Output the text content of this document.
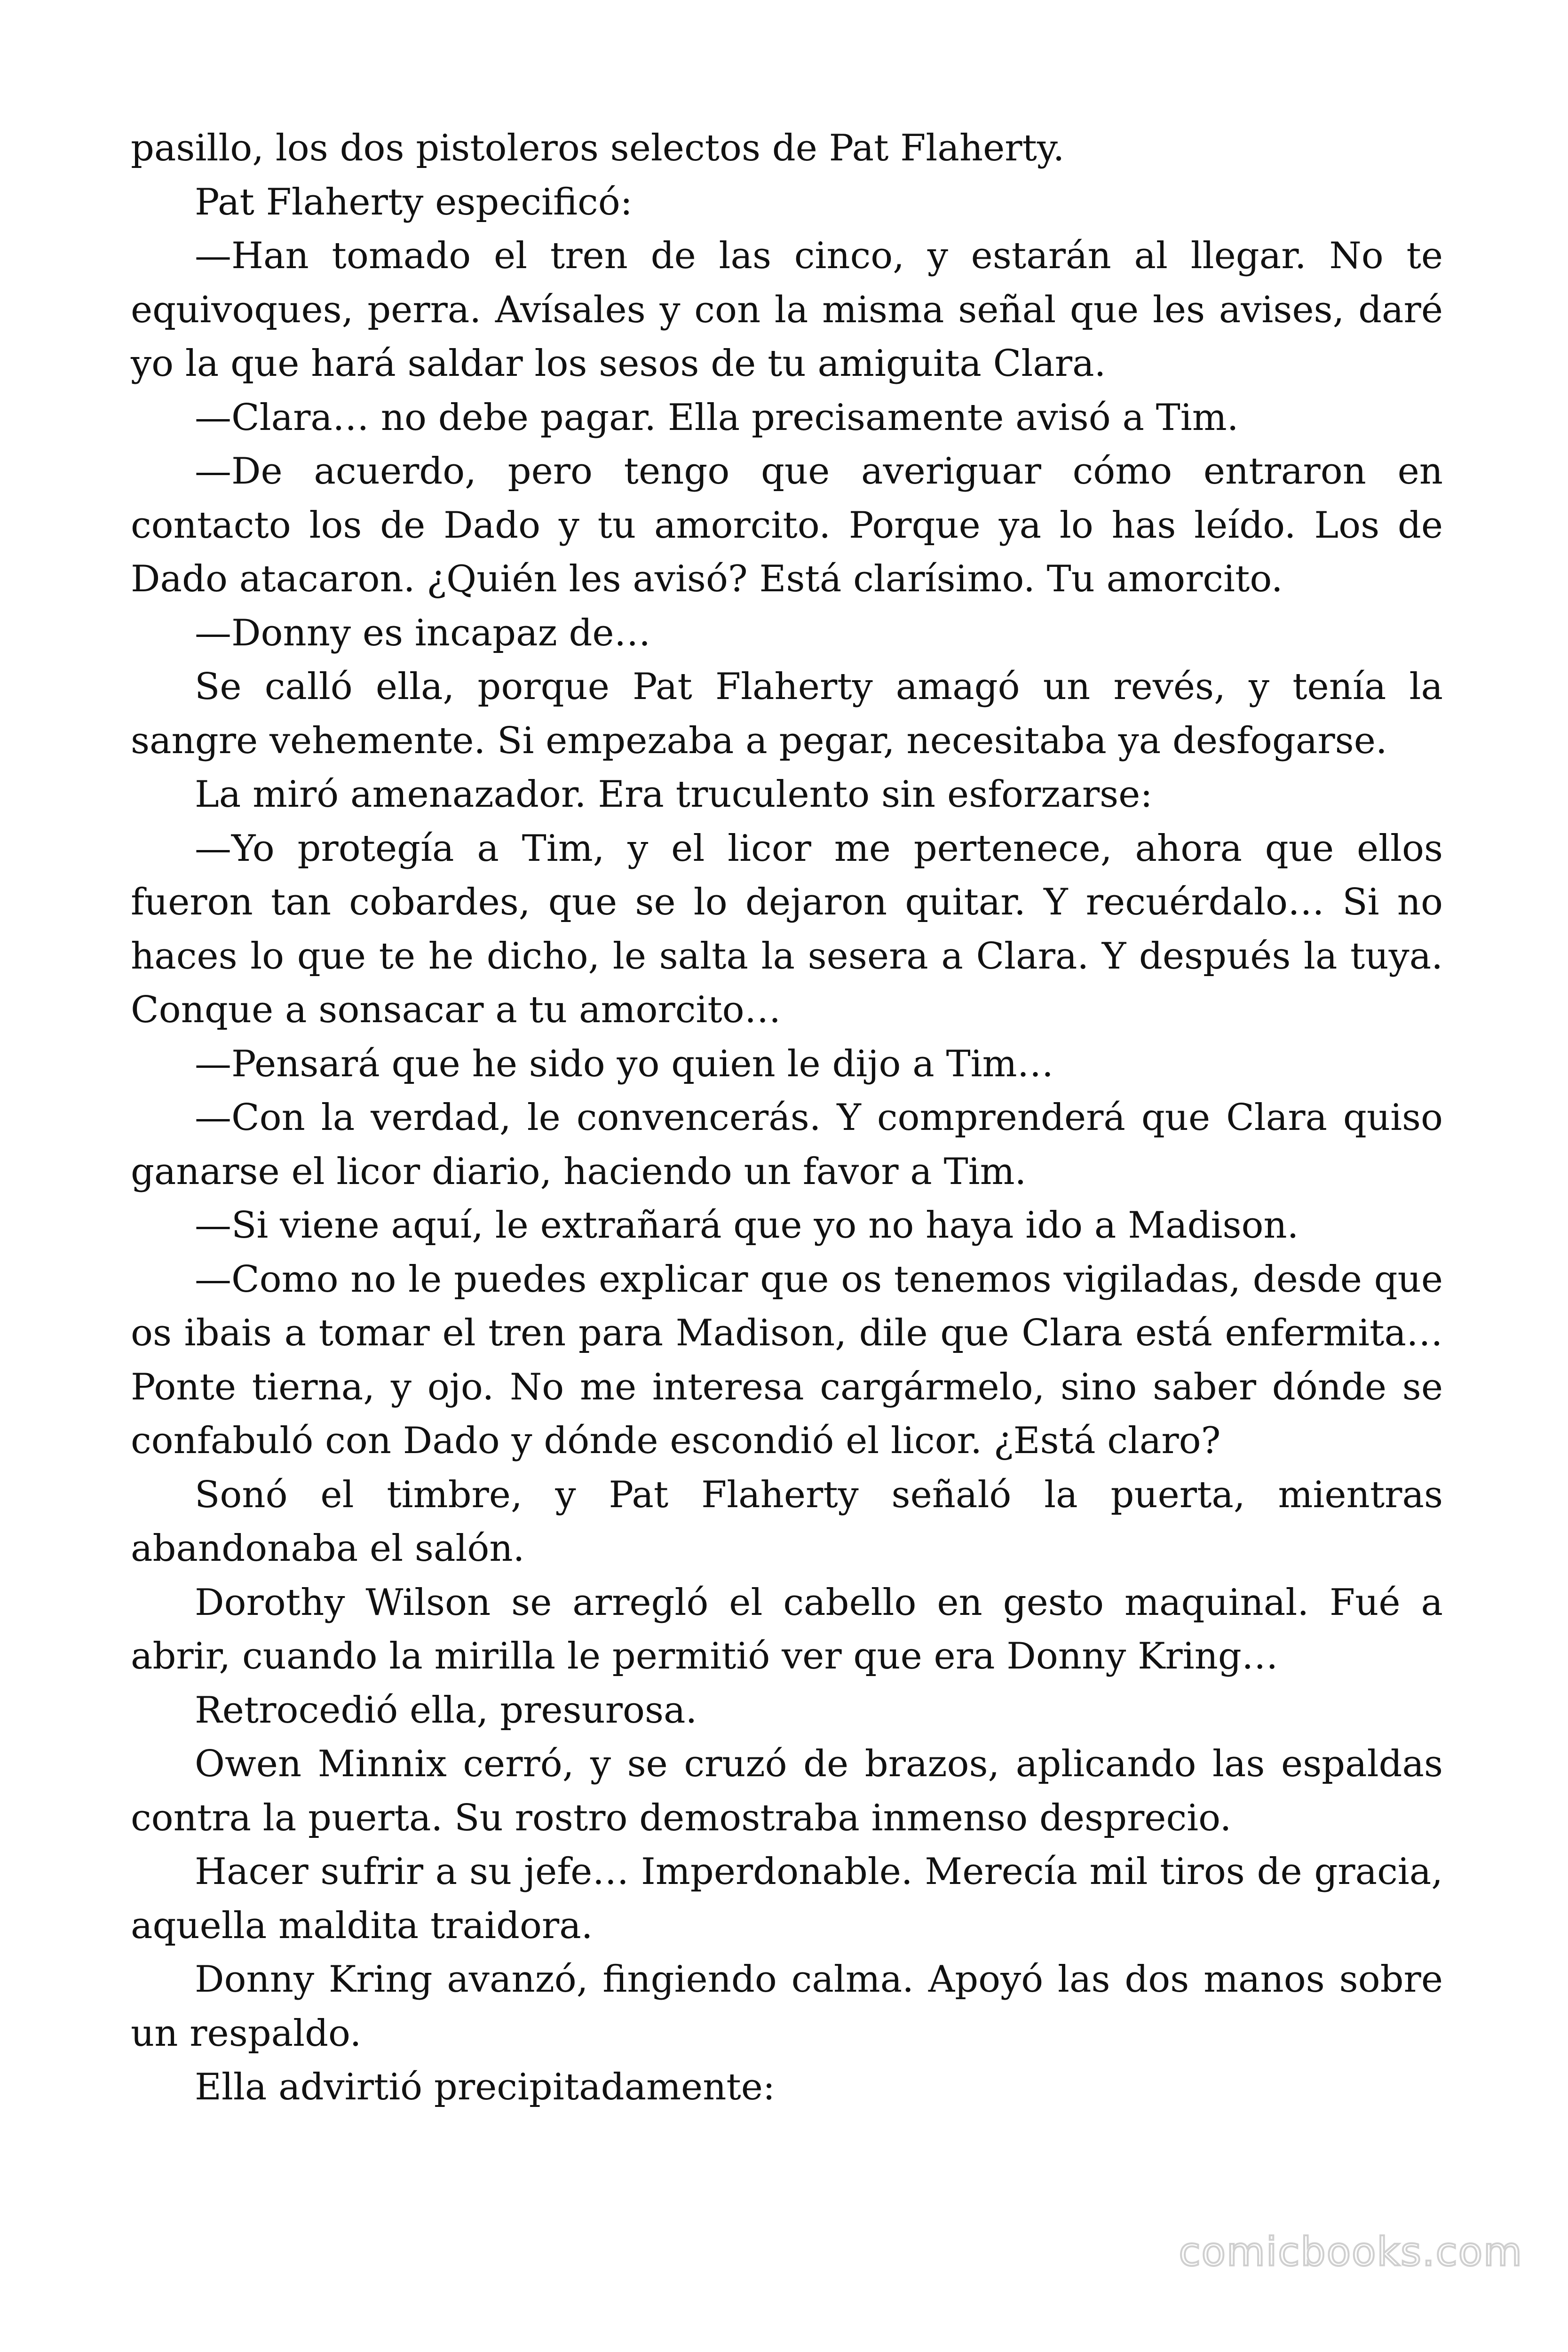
pasillo, los dos pistoleros selectos de Pat Flaherty.

Pat Flaherty especificó:

—Han tomado el tren de las cinco, y estarán al llegar. No te equivoques, perra. Avísales y con la misma señal que les avises, daré yo la que hará saldar los sesos de tu amiguita Clara.

—Clara… no debe pagar. Ella precisamente avisó a Tim.

—De acuerdo, pero tengo que averiguar cómo entraron en contacto los de Dado y tu amorcito. Porque ya lo has leído. Los de Dado atacaron. ¿Quién les avisó? Está clarísimo. Tu amorcito.

—Donny es incapaz de…

Se calló ella, porque Pat Flaherty amagó un revés, y tenía la sangre vehemente. Si empezaba a pegar, necesitaba ya desfogarse.

La miró amenazador. Era truculento sin esforzarse:

—Yo protegía a Tim, y el licor me pertenece, ahora que ellos fueron tan cobardes, que se lo dejaron quitar. Y recuérdalo… Si no haces lo que te he dicho, le salta la sesera a Clara. Y después la tuya. Conque a sonsacar a tu amorcito…

—Pensará que he sido yo quien le dijo a Tim…

—Con la verdad, le convencerás. Y comprenderá que Clara quiso ganarse el licor diario, haciendo un favor a Tim.

—Si viene aquí, le extrañará que yo no haya ido a Madison.

—Como no le puedes explicar que os tenemos vigiladas, desde que os ibais a tomar el tren para Madison, dile que Clara está enfermita… Ponte tierna, y ojo. No me interesa cargármelo, sino saber dónde se confabuló con Dado y dónde escondió el licor. ¿Está claro?

Sonó el timbre, y Pat Flaherty señaló la puerta, mientras abandonaba el salón.

Dorothy Wilson se arregló el cabello en gesto maquinal. Fué a abrir, cuando la mirilla le permitió ver que era Donny Kring…

Retrocedió ella, presurosa.

Owen Minnix cerró, y se cruzó de brazos, aplicando las espaldas contra la puerta. Su rostro demostraba inmenso desprecio.

Hacer sufrir a su jefe… Imperdonable. Merecía mil tiros de gracia, aquella maldita traidora.

Donny Kring avanzó, fingiendo calma. Apoyó las dos manos sobre un respaldo.

Ella advirtió precipitadamente:

comicbooks.com
